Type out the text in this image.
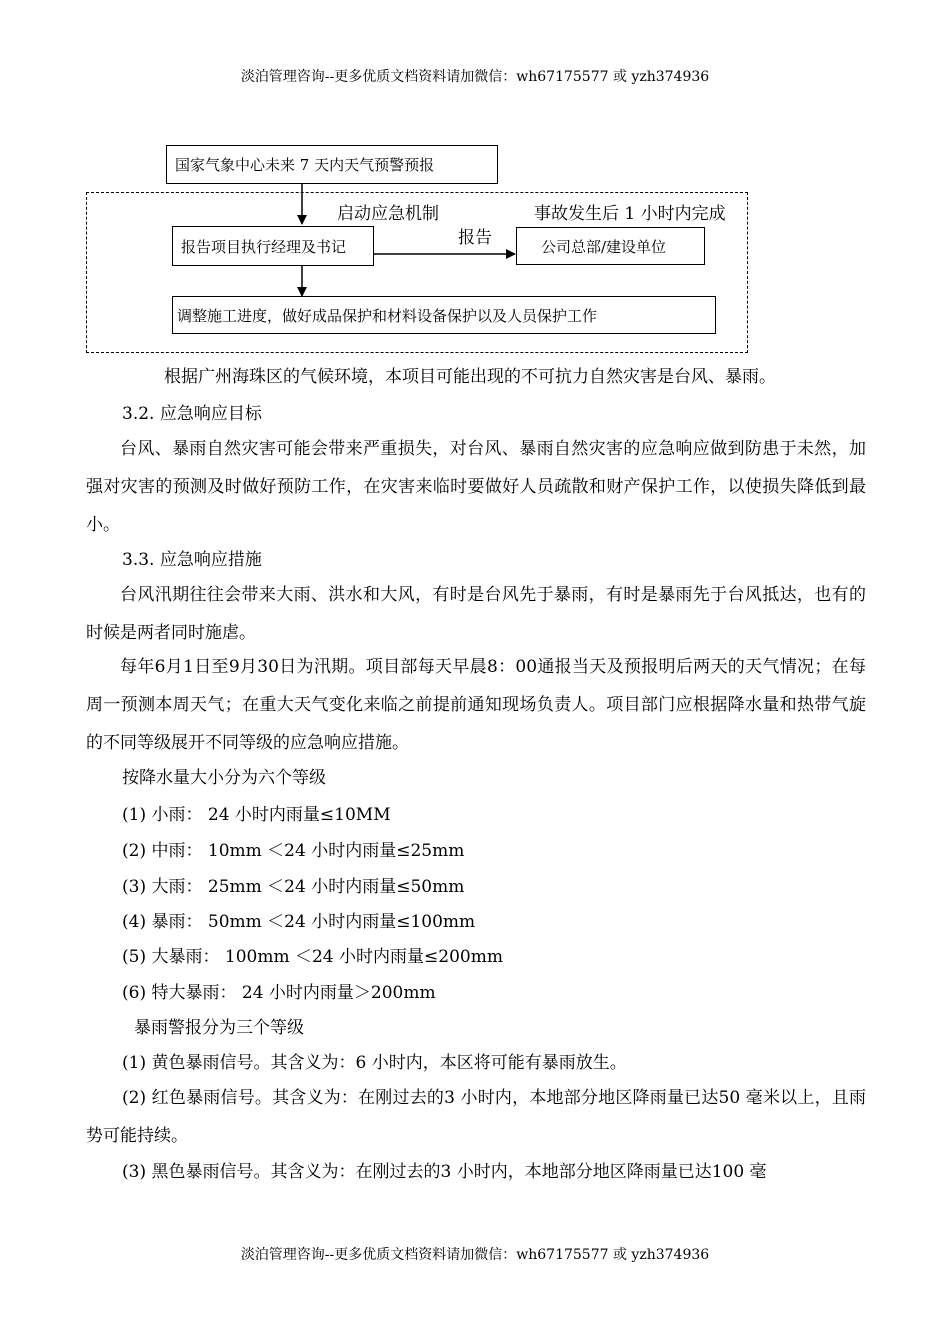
淡泊管理咨询--更多优质文档资料请加微信：wh67175577 或 yzh374936
国家气象中心未来 7 天内天气预警预报
启动应急机制	事故发生后 1 小时内完成
报告项目执行经理及书记	报告	公司总部/建设单位
调整施工进度，做好成品保护和材料设备保护以及人员保护工作
根据广州海珠区的气候环境，本项目可能出现的不可抗力自然灾害是台风、暴雨。
3.2. 应急响应目标
台风、暴雨自然灾害可能会带来严重损失，对台风、暴雨自然灾害的应急响应做到防患于未然，加强对灾害的预测及时做好预防工作，在灾害来临时要做好人员疏散和财产保护工作，以使损失降低到最小。
3.3. 应急响应措施
台风汛期往往会带来大雨、洪水和大风，有时是台风先于暴雨，有时是暴雨先于台风抵达，也有的时候是两者同时施虐。
每年6月1日至9月30日为汛期。项目部每天早晨8：00通报当天及预报明后两天的天气情况；在每周一预测本周天气；在重大天气变化来临之前提前通知现场负责人。项目部门应根据降水量和热带气旋的不同等级展开不同等级的应急响应措施。
按降水量大小分为六个等级
(1) 小雨： 24 小时内雨量≤10MM
(2) 中雨： 10mm ＜24 小时内雨量≤25mm
(3) 大雨： 25mm ＜24 小时内雨量≤50mm
(4) 暴雨： 50mm ＜24 小时内雨量≤100mm
(5) 大暴雨： 100mm ＜24 小时内雨量≤200mm
(6) 特大暴雨： 24 小时内雨量＞200mm
暴雨警报分为三个等级
(1) 黄色暴雨信号。其含义为：6 小时内，本区将可能有暴雨放生。
(2) 红色暴雨信号。其含义为：在刚过去的3 小时内，本地部分地区降雨量已达50 毫米以上，且雨势可能持续。
(3) 黑色暴雨信号。其含义为：在刚过去的3 小时内，本地部分地区降雨量已达100 毫
淡泊管理咨询--更多优质文档资料请加微信：wh67175577 或 yzh374936
